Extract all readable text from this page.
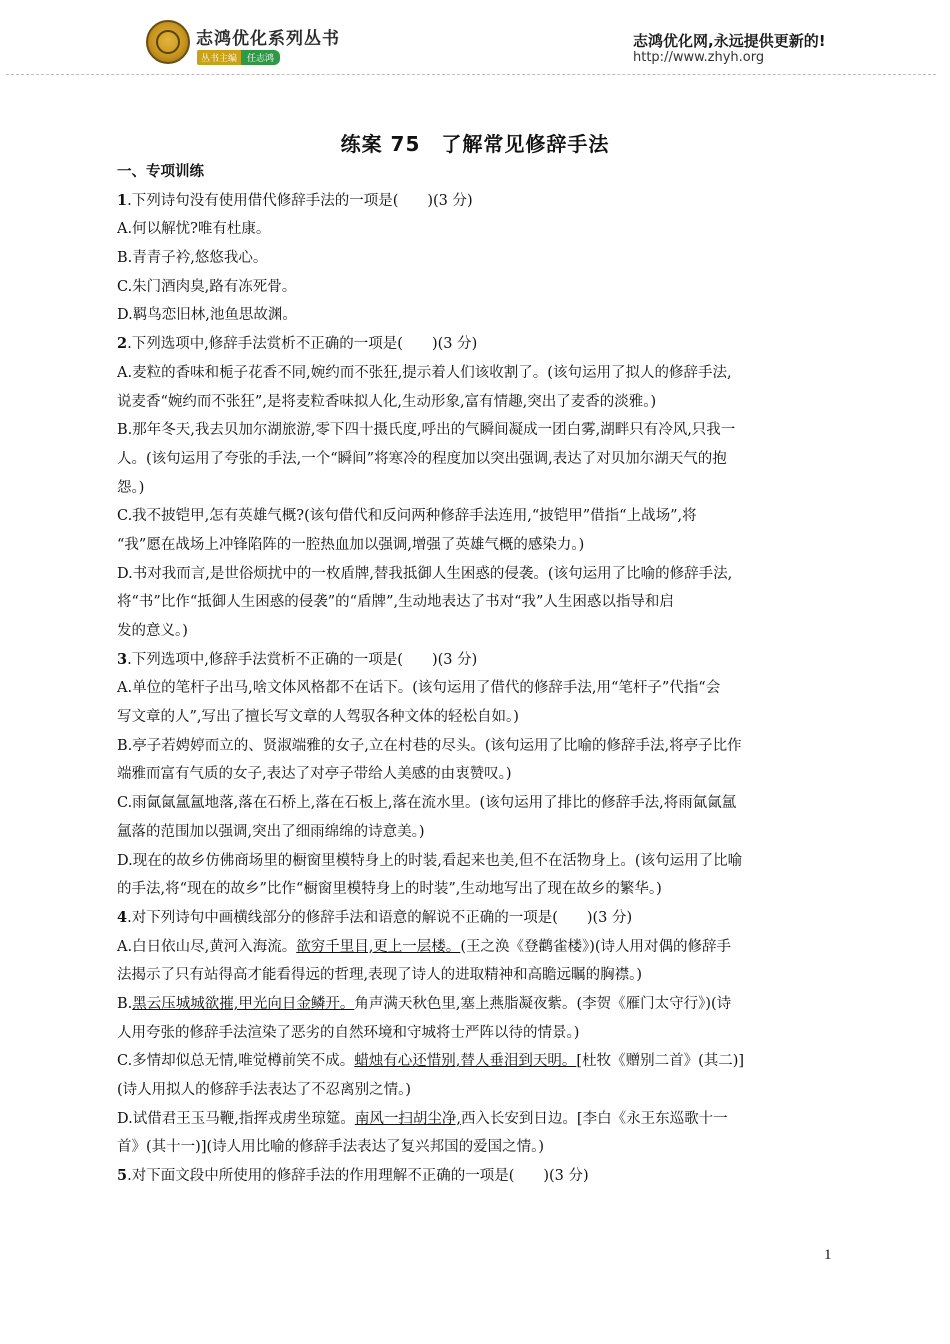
志鸿优化系列丛书
丛书主编	任志鸿
志鸿优化网,永远提供更新的!
http://www.zhyh.org
练案 75　了解常见修辞手法
一、专项训练
1.下列诗句没有使用借代修辞手法的一项是(　　)(3 分)
A.何以解忧?唯有杜康。
B.青青子衿,悠悠我心。
C.朱门酒肉臭,路有冻死骨。
D.羁鸟恋旧林,池鱼思故渊。
2.下列选项中,修辞手法赏析不正确的一项是(　　)(3 分)
A.麦粒的香味和栀子花香不同,婉约而不张狂,提示着人们该收割了。(该句运用了拟人的修辞手法,
说麦香“婉约而不张狂”,是将麦粒香味拟人化,生动形象,富有情趣,突出了麦香的淡雅。)
B.那年冬天,我去贝加尔湖旅游,零下四十摄氏度,呼出的气瞬间凝成一团白雾,湖畔只有冷风,只我一
人。(该句运用了夸张的手法,一个“瞬间”将寒冷的程度加以突出强调,表达了对贝加尔湖天气的抱
怨。)
C.我不披铠甲,怎有英雄气概?(该句借代和反问两种修辞手法连用,“披铠甲”借指“上战场”,将
“我”愿在战场上冲锋陷阵的一腔热血加以强调,增强了英雄气概的感染力。)
D.书对我而言,是世俗烦扰中的一枚盾牌,替我抵御人生困惑的侵袭。(该句运用了比喻的修辞手法,
将“书”比作“抵御人生困惑的侵袭”的“盾牌”,生动地表达了书对“我”人生困惑以指导和启
发的意义。)
3.下列选项中,修辞手法赏析不正确的一项是(　　)(3 分)
A.单位的笔杆子出马,啥文体风格都不在话下。(该句运用了借代的修辞手法,用“笔杆子”代指“会
写文章的人”,写出了擅长写文章的人驾驭各种文体的轻松自如。)
B.亭子若娉婷而立的、贤淑端雅的女子,立在村巷的尽头。(该句运用了比喻的修辞手法,将亭子比作
端雅而富有气质的女子,表达了对亭子带给人美感的由衷赞叹。)
C.雨氤氤氲氲地落,落在石桥上,落在石板上,落在流水里。(该句运用了排比的修辞手法,将雨氤氤氲
氲落的范围加以强调,突出了细雨绵绵的诗意美。)
D.现在的故乡仿佛商场里的橱窗里模特身上的时装,看起来也美,但不在活物身上。(该句运用了比喻
的手法,将“现在的故乡”比作“橱窗里模特身上的时装”,生动地写出了现在故乡的繁华。)
4.对下列诗句中画横线部分的修辞手法和语意的解说不正确的一项是(　　)(3 分)
A.白日依山尽,黄河入海流。欲穷千里目,更上一层楼。(王之涣《登鹳雀楼》)(诗人用对偶的修辞手
法揭示了只有站得高才能看得远的哲理,表现了诗人的进取精神和高瞻远瞩的胸襟。)
B.黑云压城城欲摧,甲光向日金鳞开。角声满天秋色里,塞上燕脂凝夜紫。(李贺《雁门太守行》)(诗
人用夸张的修辞手法渲染了恶劣的自然环境和守城将士严阵以待的情景。)
C.多情却似总无情,唯觉樽前笑不成。蜡烛有心还惜别,替人垂泪到天明。[杜牧《赠别二首》(其二)]
(诗人用拟人的修辞手法表达了不忍离别之情。)
D.试借君王玉马鞭,指挥戎虏坐琼筵。南风一扫胡尘净,西入长安到日边。[李白《永王东巡歌十一
首》(其十一)](诗人用比喻的修辞手法表达了复兴邦国的爱国之情。)
5.对下面文段中所使用的修辞手法的作用理解不正确的一项是(　　)(3 分)
1
